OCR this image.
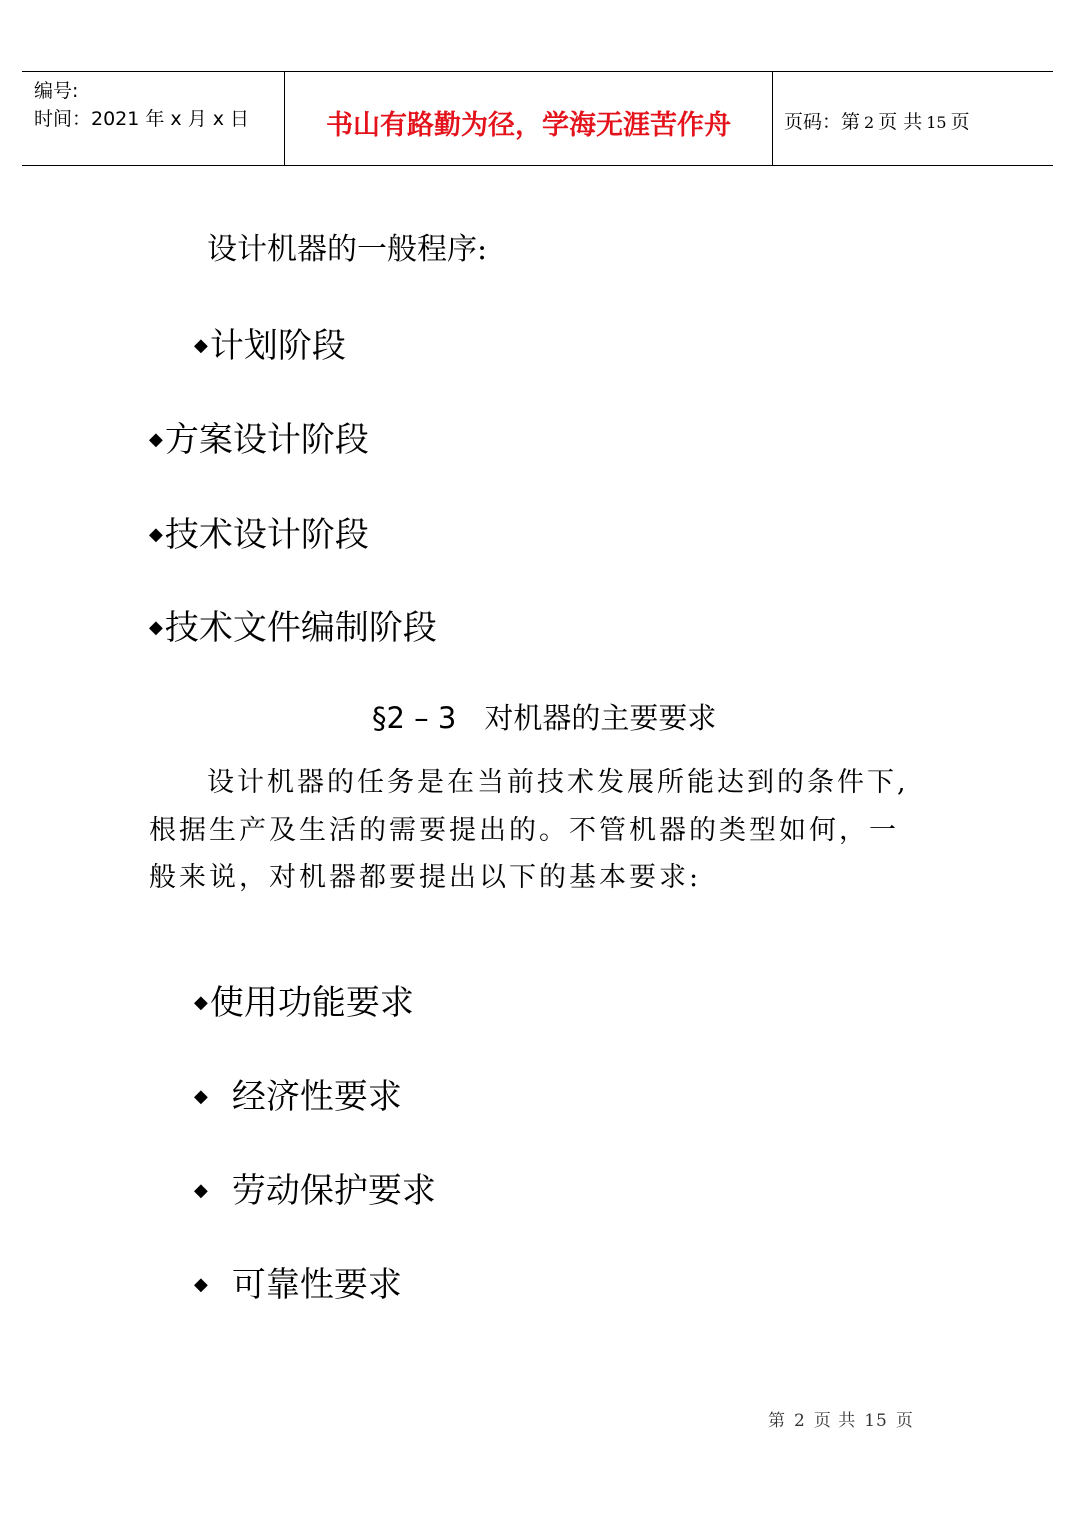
编号:
时间：2021 年 x 月 x 日	书山有路勤为径，学海无涯苦作舟	页码：第 2 页 共 15 页
设计机器的一般程序:
◆计划阶段
◆方案设计阶段
◆技术设计阶段
◆技术文件编制阶段
§2 – 3 对机器的主要要求
设计机器的任务是在当前技术发展所能达到的条件下,
根据生产及生活的需要提出的。不管机器的类型如何，一
般来说，对机器都要提出以下的基本要求:
◆使用功能要求
◆ 经济性要求
◆ 劳动保护要求
◆ 可靠性要求
第 2 页 共 15 页
